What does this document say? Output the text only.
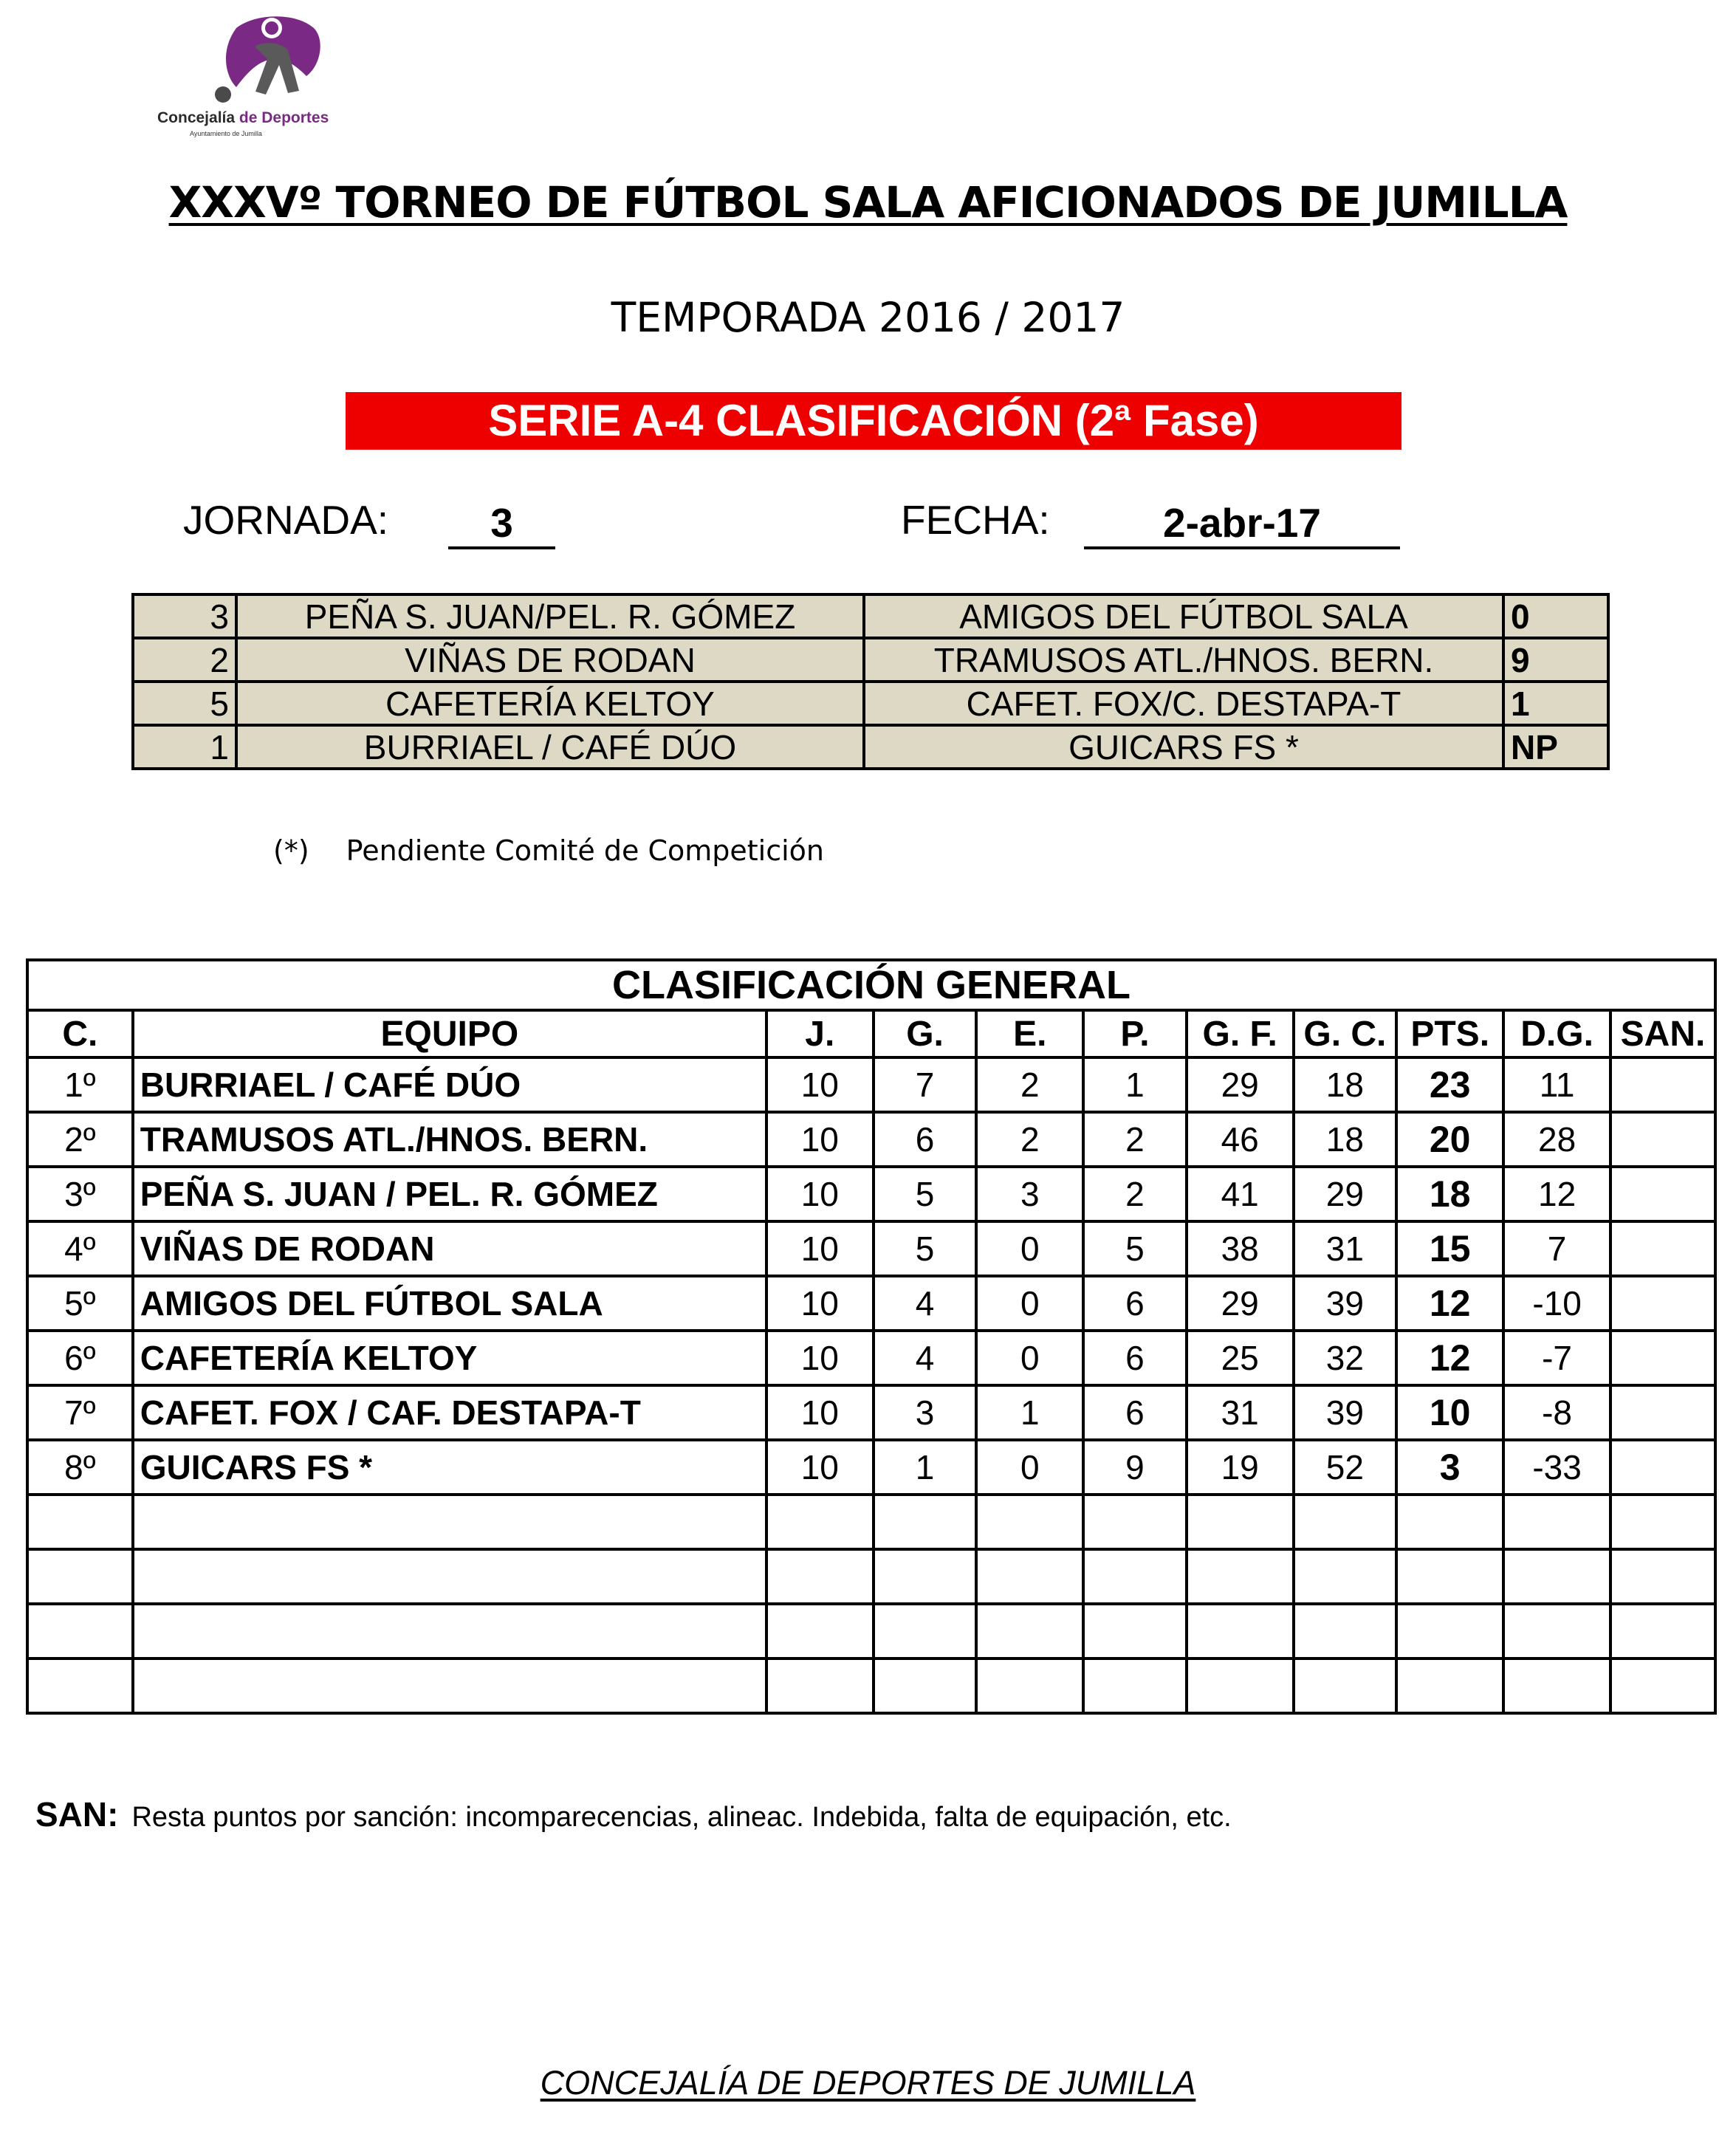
Concejalía de Deportes
Ayuntamiento de Jumilla
XXXVº TORNEO DE FÚTBOL SALA AFICIONADOS DE JUMILLA
TEMPORADA 2016 / 2017
SERIE A-4 CLASIFICACIÓN (2ª Fase)
JORNADA:	3	FECHA:	2-abr-17
3	PEÑA S. JUAN/PEL. R. GÓMEZ	AMIGOS DEL FÚTBOL SALA	0
2	VIÑAS DE RODAN	TRAMUSOS ATL./HNOS. BERN.	9
5	CAFETERÍA KELTOY	CAFET. FOX/C. DESTAPA-T	1
1	BURRIAEL / CAFÉ DÚO	GUICARS FS *	NP
(*) Pendiente Comité de Competición
CLASIFICACIÓN GENERAL										
C.	EQUIPO	J.	G.	E.	P.	G. F.	G. C.	PTS.	D.G.	SAN.
1º	BURRIAEL / CAFÉ DÚO	10	7	2	1	29	18	23	11	
2º	TRAMUSOS ATL./HNOS. BERN.	10	6	2	2	46	18	20	28	
3º	PEÑA S. JUAN / PEL. R. GÓMEZ	10	5	3	2	41	29	18	12	
4º	VIÑAS DE RODAN	10	5	0	5	38	31	15	7	
5º	AMIGOS DEL FÚTBOL SALA	10	4	0	6	29	39	12	-10	
6º	CAFETERÍA KELTOY	10	4	0	6	25	32	12	-7	
7º	CAFET. FOX / CAF. DESTAPA-T	10	3	1	6	31	39	10	-8	
8º	GUICARS FS *	10	1	0	9	19	52	3	-33	

SAN: Resta puntos por sanción: incomparecencias, alineac. Indebida, falta de equipación, etc.
CONCEJALÍA DE DEPORTES DE JUMILLA
